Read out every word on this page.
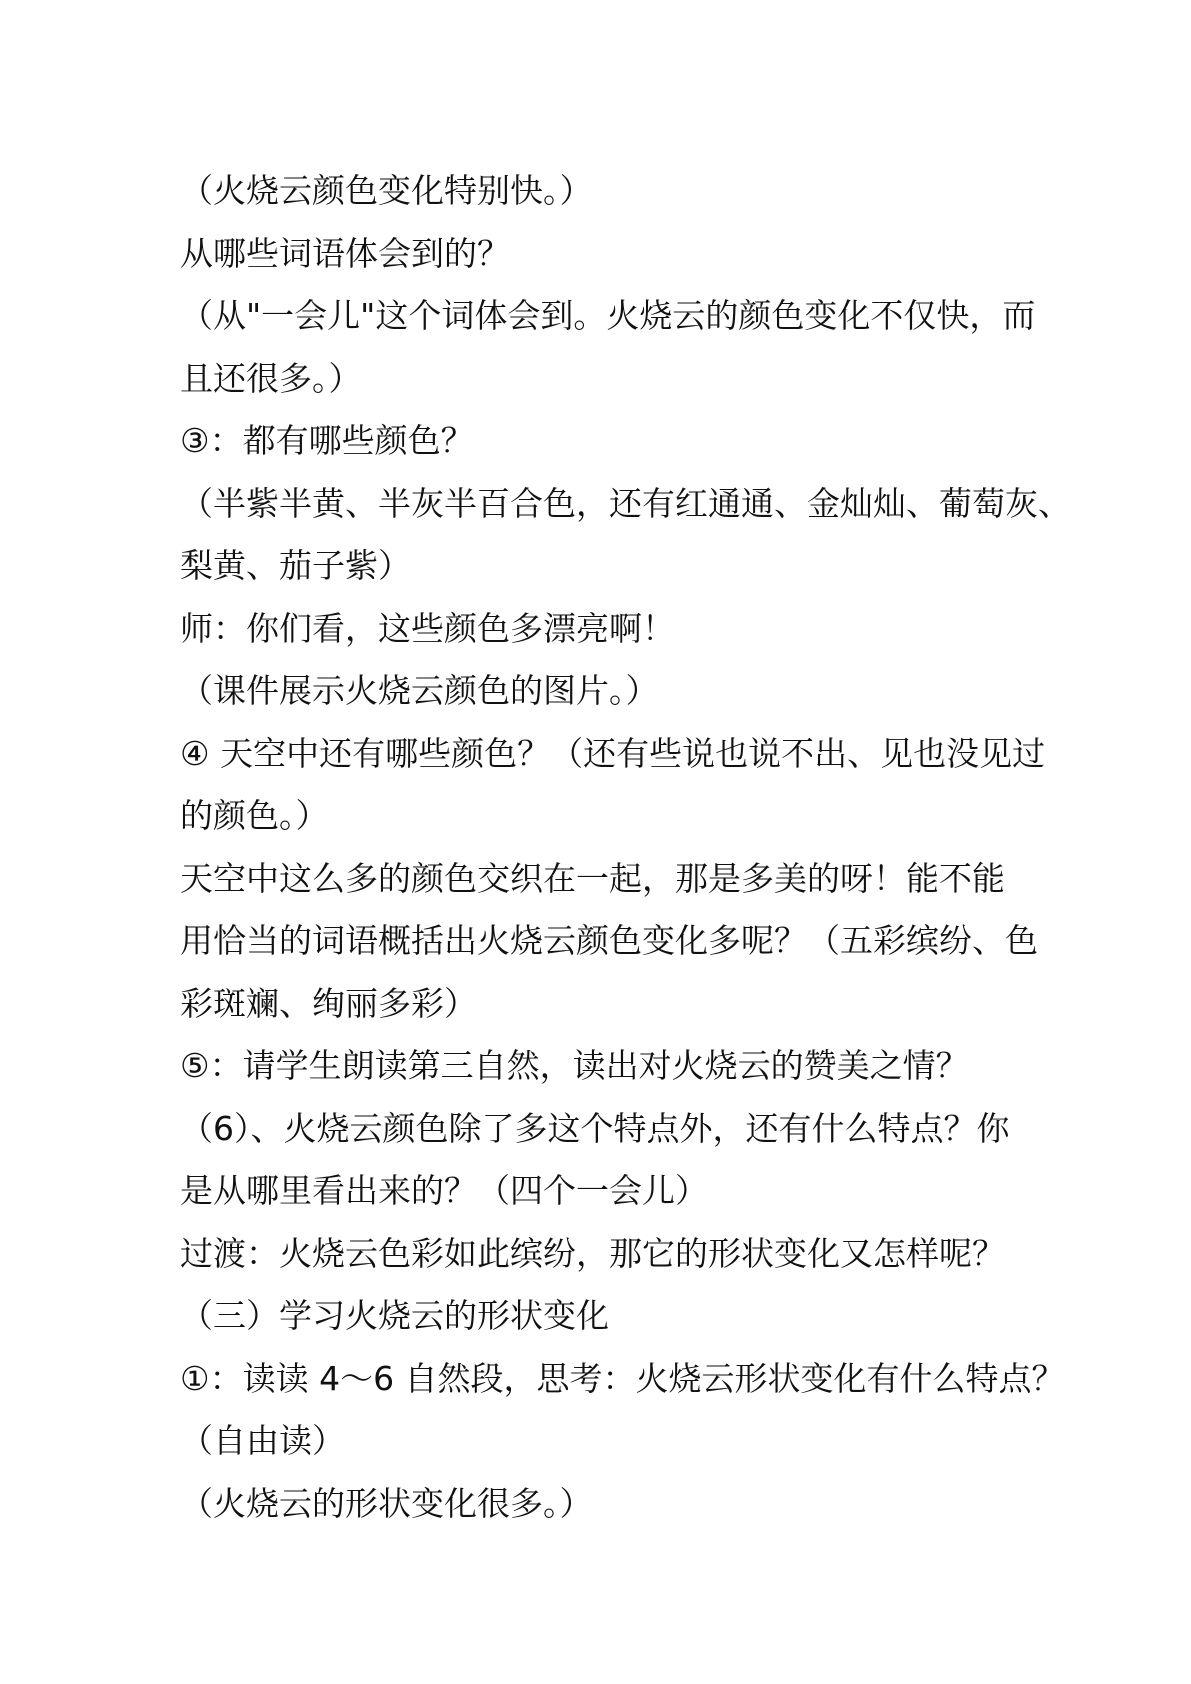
（火烧云颜色变化特别快。）
从哪些词语体会到的？
（从"一会儿"这个词体会到。火烧云的颜色变化不仅快，而
且还很多。）
③：都有哪些颜色？
（半紫半黄、半灰半百合色，还有红通通、金灿灿、葡萄灰、
梨黄、茄子紫）
师：你们看，这些颜色多漂亮啊！
（课件展示火烧云颜色的图片。）
④ 天空中还有哪些颜色？（还有些说也说不出、见也没见过
的颜色。）
天空中这么多的颜色交织在一起，那是多美的呀！能不能
用恰当的词语概括出火烧云颜色变化多呢？（五彩缤纷、色
彩斑斓、绚丽多彩）
⑤：请学生朗读第三自然，读出对火烧云的赞美之情？
（6）、火烧云颜色除了多这个特点外，还有什么特点？你
是从哪里看出来的？（四个一会儿）
过渡：火烧云色彩如此缤纷，那它的形状变化又怎样呢？
（三）学习火烧云的形状变化
①：读读 4～6 自然段，思考：火烧云形状变化有什么特点？
（自由读）
（火烧云的形状变化很多。）
